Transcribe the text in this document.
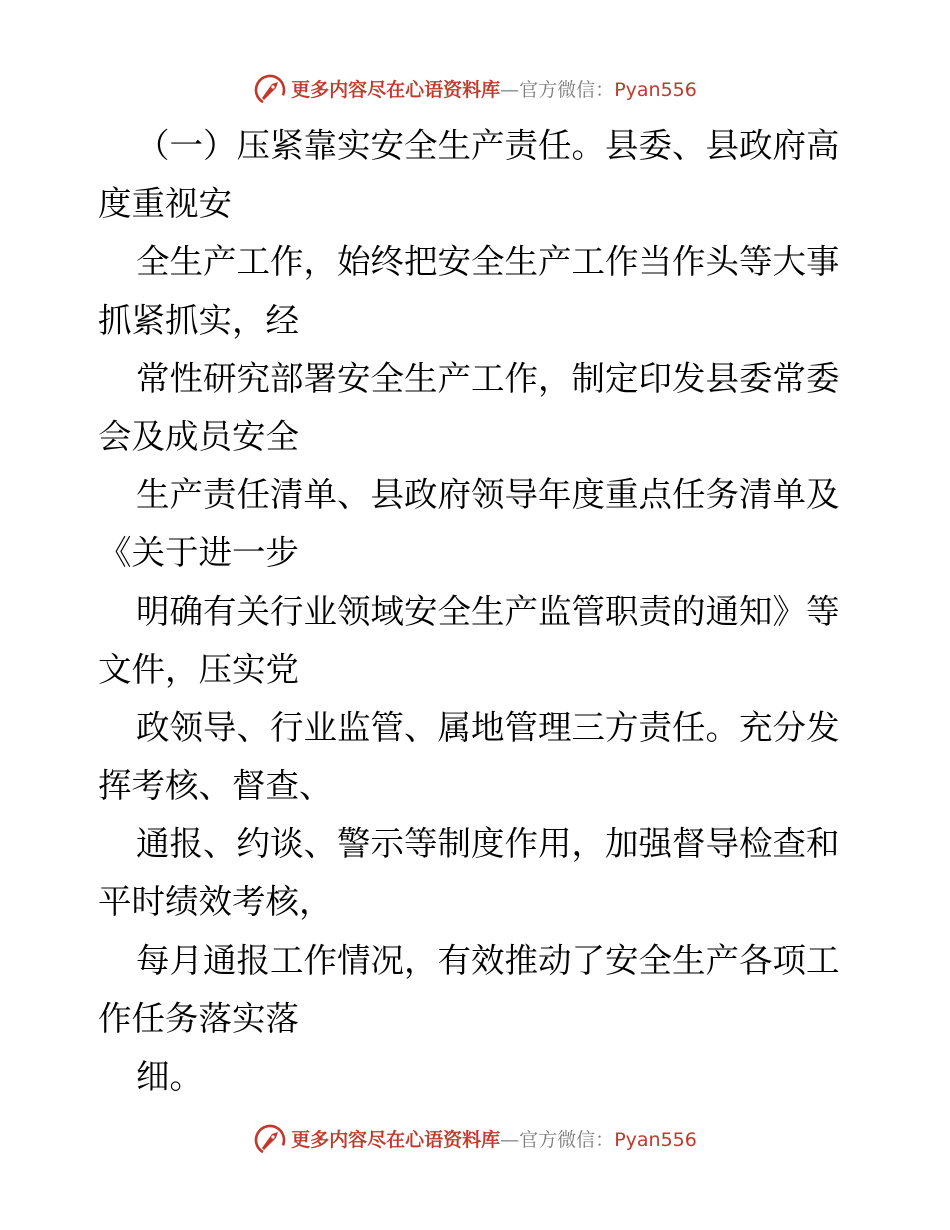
更多内容尽在心语资料库—官方微信：Pyan556
（一）压紧靠实安全生产责任。县委、县政府高
度重视安
全生产工作，始终把安全生产工作当作头等大事
抓紧抓实，经
常性研究部署安全生产工作，制定印发县委常委
会及成员安全
生产责任清单、县政府领导年度重点任务清单及
《关于进一步
明确有关行业领域安全生产监管职责的通知》等
文件，压实党
政领导、行业监管、属地管理三方责任。充分发
挥考核、督查、
通报、约谈、警示等制度作用，加强督导检查和
平时绩效考核，
每月通报工作情况，有效推动了安全生产各项工
作任务落实落
细。
更多内容尽在心语资料库—官方微信：Pyan556
